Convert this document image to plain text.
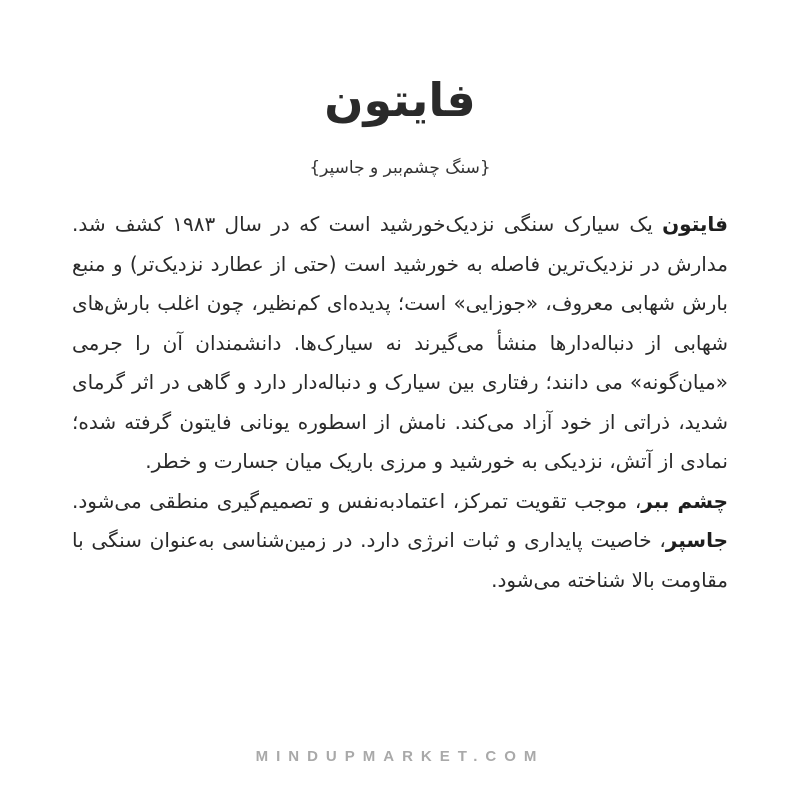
فایتون
{سنگ چشم‌ببر و جاسپر}

فایتون یک سیارک سنگی نزدیک‌خورشید است که در سال ۱۹۸۳ کشف شد. مدارش در نزدیک‌ترین فاصله به خورشید است (حتی از عطارد نزدیک‌تر) و منبع بارش شهابی معروف، «جوزایی» است؛ پدیده‌ای کم‌نظیر، چون اغلب بارش‌های شهابی از دنباله‌دارها منشأ می‌گیرند نه سیارک‌ها. دانشمندان آن را جرمی «میان‌گونه» می دانند؛ رفتاری بین سیارک و دنباله‌دار دارد و گاهی در اثر گرمای شدید، ذراتی از خود آزاد می‌کند. نامش از اسطوره یونانی فایتون گرفته شده؛ نمادی از آتش، نزدیکی به خورشید و مرزی باریک میان جسارت و خطر.

چشم ببر، موجب تقویت تمرکز، اعتمادبه‌نفس و تصمیم‌گیری منطقی می‌شود. جاسپر، خاصیت پایداری و ثبات انرژی دارد. در زمین‌شناسی به‌عنوان سنگی با مقاومت بالا شناخته می‌شود.

MINDUPMARKET.COM
